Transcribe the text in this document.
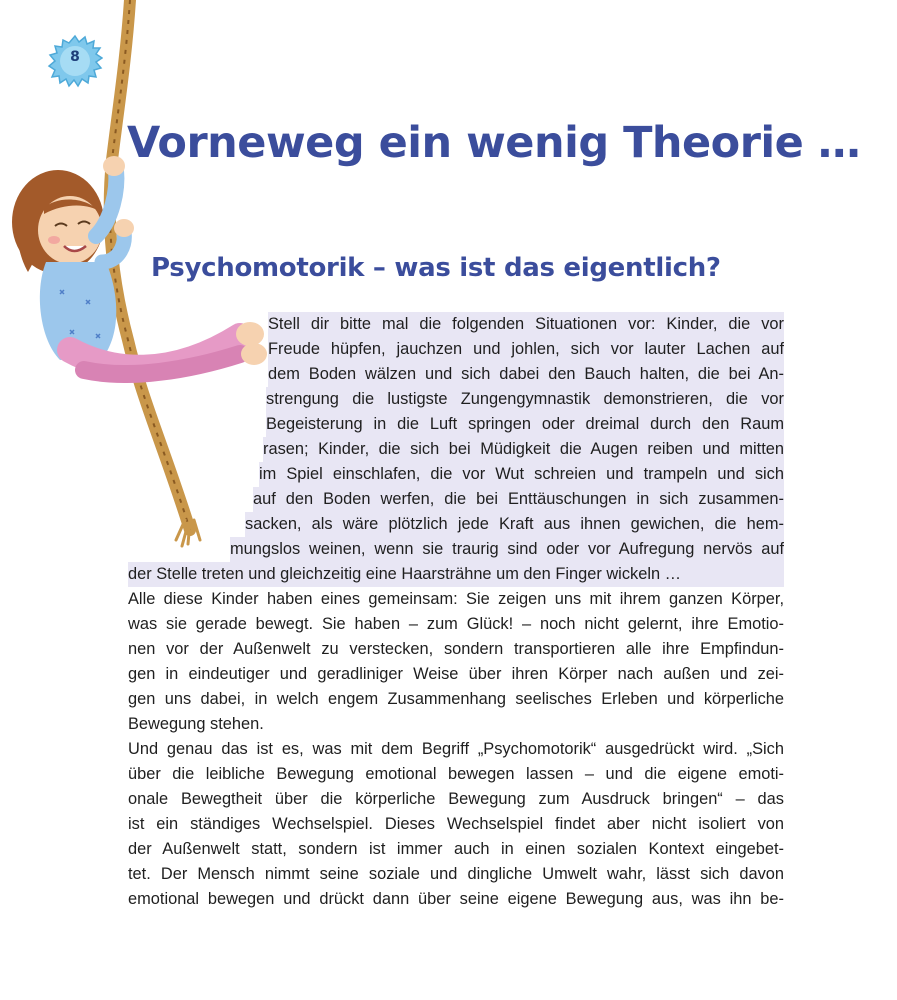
8
Vorneweg ein wenig Theorie …
Psychomotorik – was ist das eigentlich?
Stell dir bitte mal die folgenden Situationen vor: Kinder, die vor
Freude hüpfen, jauchzen und johlen, sich vor lauter Lachen auf
dem Boden wälzen und sich dabei den Bauch halten, die bei An-
strengung die lustigste Zungengymnastik demonstrieren, die vor
Begeisterung in die Luft springen oder dreimal durch den Raum
rasen; Kinder, die sich bei Müdigkeit die Augen reiben und mitten
im Spiel einschlafen, die vor Wut schreien und trampeln und sich
auf den Boden werfen, die bei Enttäuschungen in sich zusammen-
sacken, als wäre plötzlich jede Kraft aus ihnen gewichen, die hem-
mungslos weinen, wenn sie traurig sind oder vor Aufregung nervös auf
der Stelle treten und gleichzeitig eine Haarsträhne um den Finger wickeln …
Alle diese Kinder haben eines gemeinsam: Sie zeigen uns mit ihrem ganzen Körper,
was sie gerade bewegt. Sie haben – zum Glück! – noch nicht gelernt, ihre Emotio-
nen vor der Außenwelt zu verstecken, sondern transportieren alle ihre Empfindun-
gen in eindeutiger und geradliniger Weise über ihren Körper nach außen und zei-
gen uns dabei, in welch engem Zusammenhang seelisches Erleben und körperliche
Bewegung stehen.
Und genau das ist es, was mit dem Begriff „Psychomotorik“ ausgedrückt wird. „Sich
über die leibliche Bewegung emotional bewegen lassen – und die eigene emoti-
onale Bewegtheit über die körperliche Bewegung zum Ausdruck bringen“ – das
ist ein ständiges Wechselspiel. Dieses Wechselspiel findet aber nicht isoliert von
der Außenwelt statt, sondern ist immer auch in einen sozialen Kontext eingebet-
tet. Der Mensch nimmt seine soziale und dingliche Umwelt wahr, lässt sich davon
emotional bewegen und drückt dann über seine eigene Bewegung aus, was ihn be-
